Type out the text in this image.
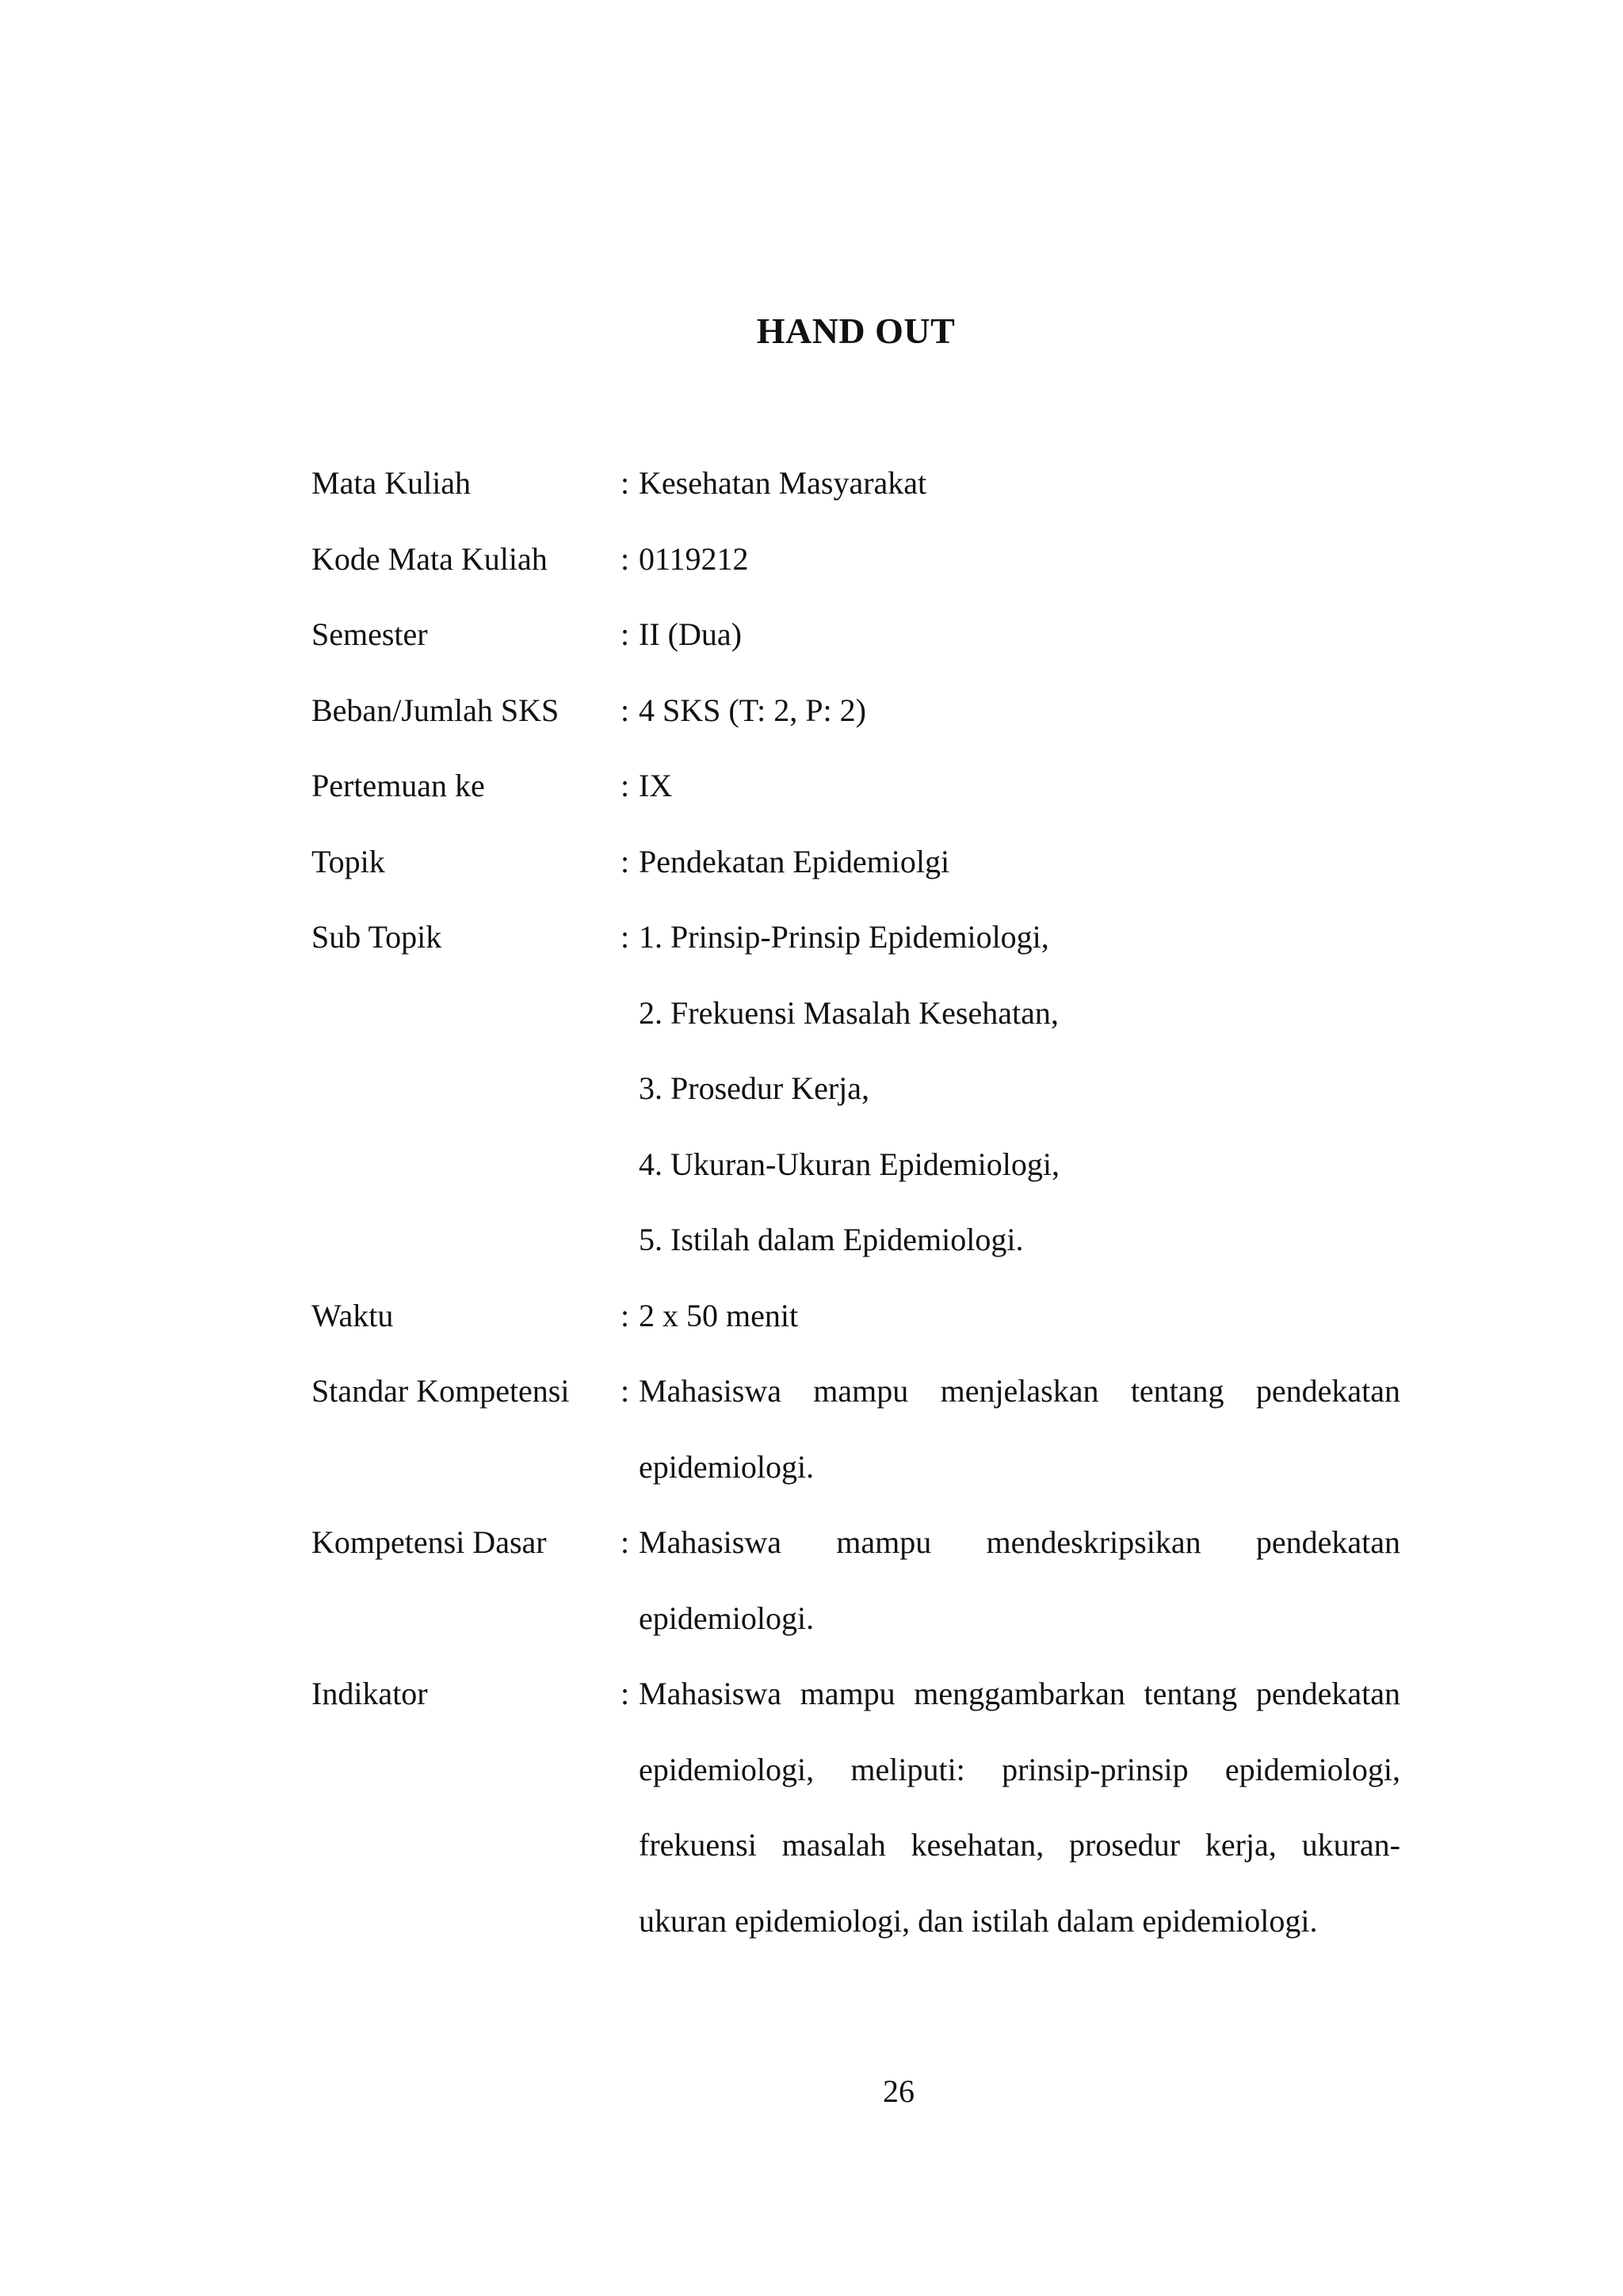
HAND OUT
Mata Kuliah	: Kesehatan Masyarakat
Kode Mata Kuliah	: 0119212
Semester	: II (Dua)
Beban/Jumlah SKS	: 4 SKS (T: 2, P: 2)
Pertemuan ke	: IX
Topik	: Pendekatan Epidemiolgi
Sub Topik	: 1. Prinsip-Prinsip Epidemiologi,
2. Frekuensi Masalah Kesehatan,
3. Prosedur Kerja,
4. Ukuran-Ukuran Epidemiologi,
5. Istilah dalam Epidemiologi.
Waktu	: 2 x 50 menit
Standar Kompetensi	: Mahasiswa mampu menjelaskan tentang pendekatan epidemiologi.
Kompetensi Dasar	: Mahasiswa mampu mendeskripsikan pendekatan epidemiologi.
Indikator	: Mahasiswa mampu menggambarkan tentang pendekatan epidemiologi, meliputi: prinsip-prinsip epidemiologi, frekuensi masalah kesehatan, prosedur kerja, ukuran-ukuran epidemiologi, dan istilah dalam epidemiologi.
26
